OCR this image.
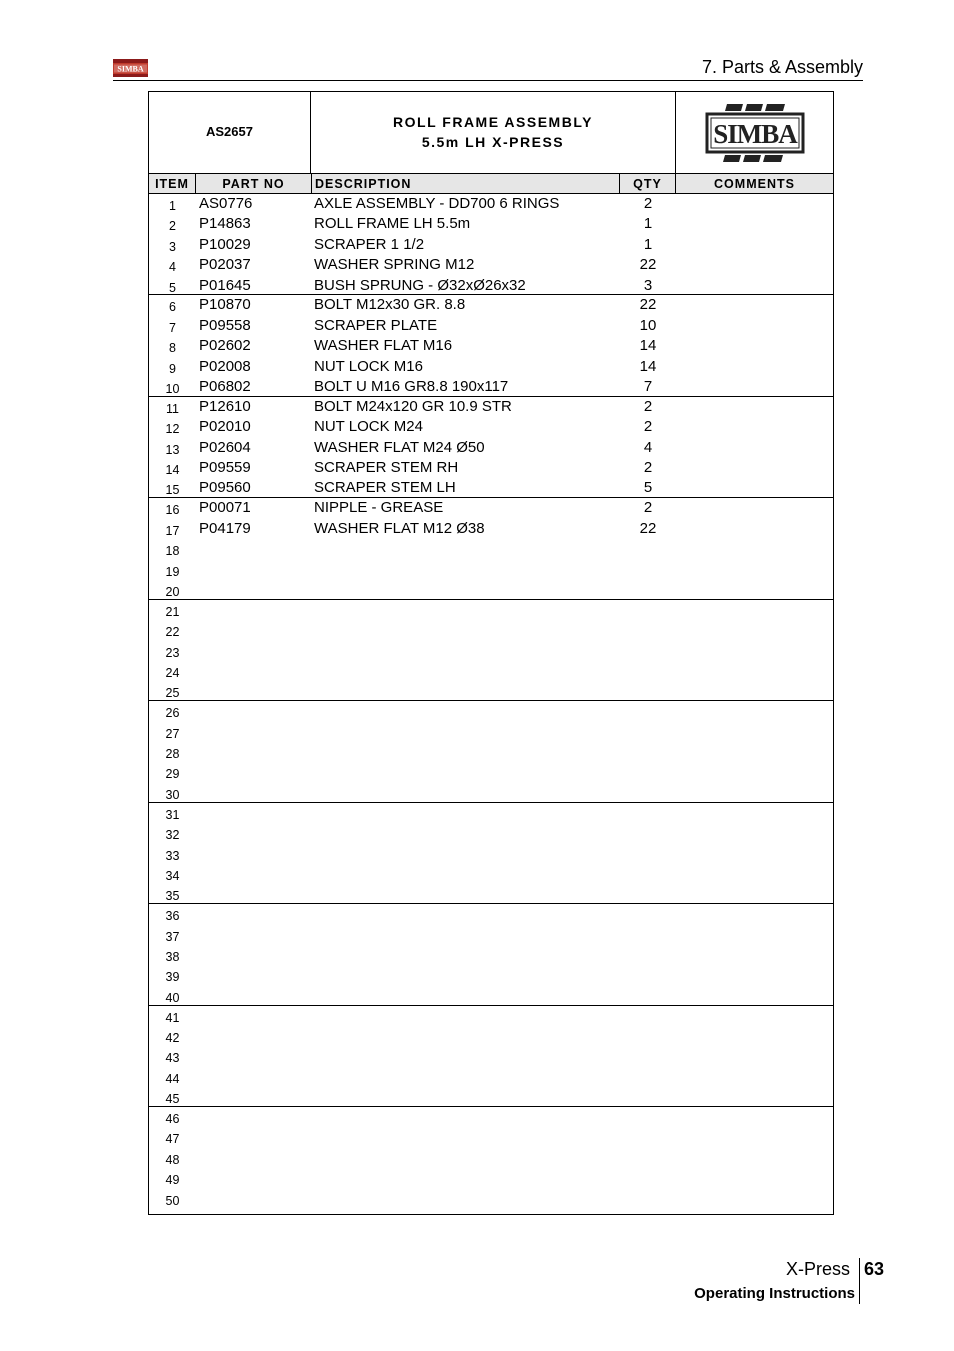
SIMBA	7. Parts & Assembly
AS2657
ROLL FRAME ASSEMBLY
5.5m LH X-PRESS	SIMBA
ITEM	PART NO	DESCRIPTION	QTY	COMMENTS
1	AS0776	AXLE ASSEMBLY - DD700 6 RINGS	2
2	P14863	ROLL FRAME LH 5.5m	1
3	P10029	SCRAPER 1 1/2	1
4	P02037	WASHER SPRING M12	22
5	P01645	BUSH SPRUNG - Ø32xØ26x32	3
6	P10870	BOLT M12x30 GR. 8.8	22
7	P09558	SCRAPER PLATE	10
8	P02602	WASHER FLAT M16	14
9	P02008	NUT LOCK M16	14
10	P06802	BOLT U M16 GR8.8 190x117	7
11	P12610	BOLT M24x120 GR 10.9 STR	2
12	P02010	NUT LOCK M24	2
13	P02604	WASHER FLAT M24 Ø50	4
14	P09559	SCRAPER STEM RH	2
15	P09560	SCRAPER STEM LH	5
16	P00071	NIPPLE - GREASE	2
17	P04179	WASHER FLAT M12 Ø38	22
18
19
20
21
22
23
24
25
26
27
28
29
30
31
32
33
34
35
36
37
38
39
40
41
42
43
44
45
46
47
48
49
50
X-Press 63
Operating Instructions
